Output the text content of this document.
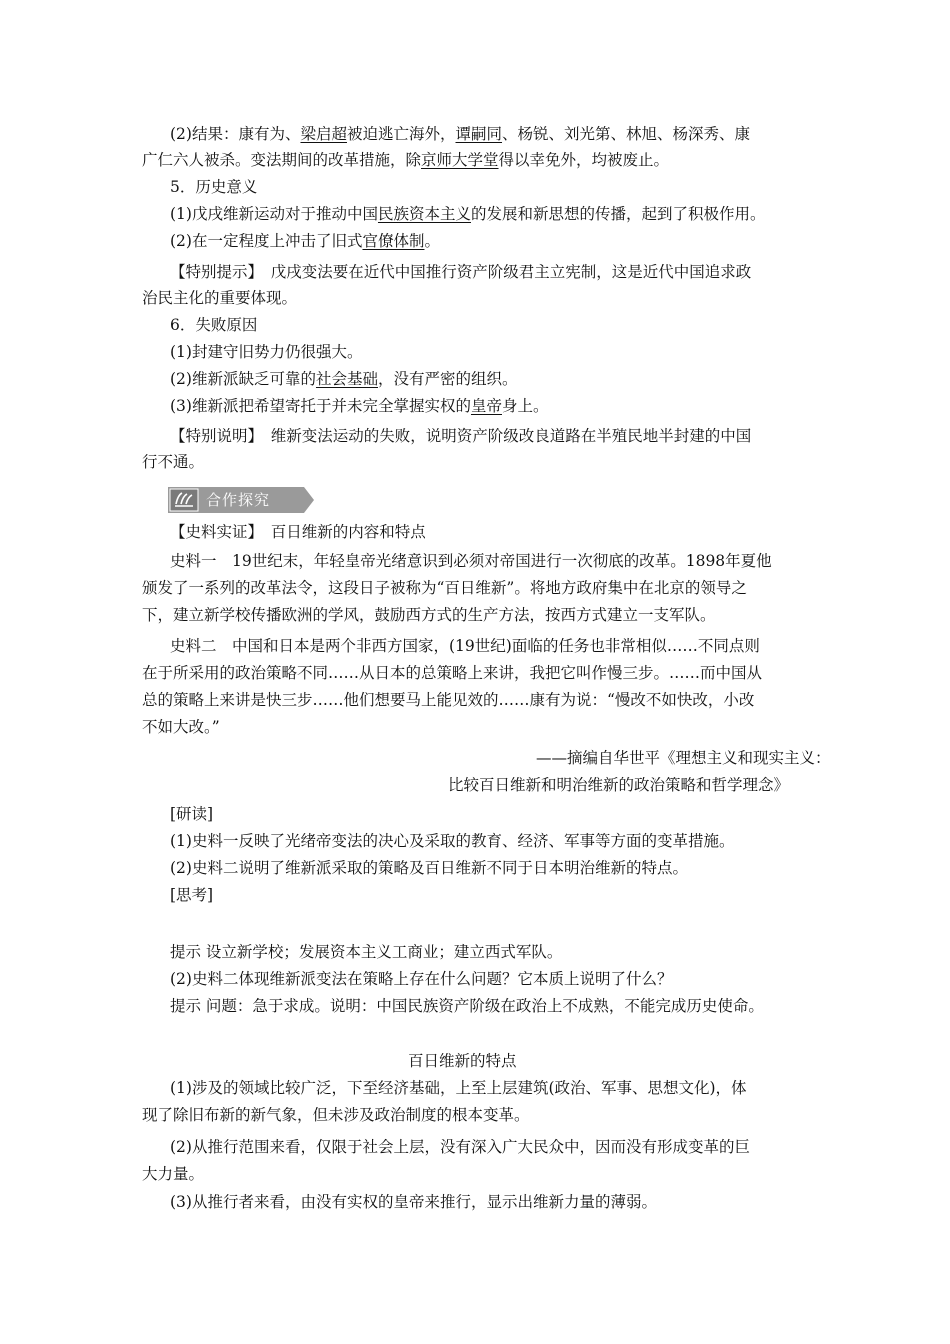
(2)结果：康有为、梁启超被迫逃亡海外，谭嗣同、杨锐、刘光第、林旭、杨深秀、康
广仁六人被杀。变法期间的改革措施，除京师大学堂得以幸免外，均被废止。
5．历史意义
(1)戊戌维新运动对于推动中国民族资本主义的发展和新思想的传播，起到了积极作用。
(2)在一定程度上冲击了旧式官僚体制。
【特别提示】　戊戌变法要在近代中国推行资产阶级君主立宪制，这是近代中国追求政
治民主化的重要体现。
6．失败原因
(1)封建守旧势力仍很强大。
(2)维新派缺乏可靠的社会基础，没有严密的组织。
(3)维新派把希望寄托于并未完全掌握实权的皇帝身上。
【特别说明】　维新变法运动的失败，说明资产阶级改良道路在半殖民地半封建的中国
行不通。
合作探究
【史料实证】　百日维新的内容和特点
史料一　19世纪末，年轻皇帝光绪意识到必须对帝国进行一次彻底的改革。1898年夏他
颁发了一系列的改革法令，这段日子被称为“百日维新”。将地方政府集中在北京的领导之
下，建立新学校传播欧洲的学风，鼓励西方式的生产方法，按西方式建立一支军队。
史料二　中国和日本是两个非西方国家，(19世纪)面临的任务也非常相似……不同点则
在于所采用的政治策略不同……从日本的总策略上来讲，我把它叫作慢三步。……而中国从
总的策略上来讲是快三步……他们想要马上能见效的……康有为说：“慢改不如快改，小改
不如大改。”
——摘编自华世平《理想主义和现实主义：
比较百日维新和明治维新的政治策略和哲学理念》
[研读]
(1)史料一反映了光绪帝变法的决心及采取的教育、经济、军事等方面的变革措施。
(2)史料二说明了维新派采取的策略及百日维新不同于日本明治维新的特点。
[思考]
提示 设立新学校；发展资本主义工商业；建立西式军队。
(2)史料二体现维新派变法在策略上存在什么问题？它本质上说明了什么？
提示 问题：急于求成。说明：中国民族资产阶级在政治上不成熟，不能完成历史使命。
百日维新的特点
(1)涉及的领域比较广泛，下至经济基础，上至上层建筑(政治、军事、思想文化)，体
现了除旧布新的新气象，但未涉及政治制度的根本变革。
(2)从推行范围来看，仅限于社会上层，没有深入广大民众中，因而没有形成变革的巨
大力量。
(3)从推行者来看，由没有实权的皇帝来推行，显示出维新力量的薄弱。
